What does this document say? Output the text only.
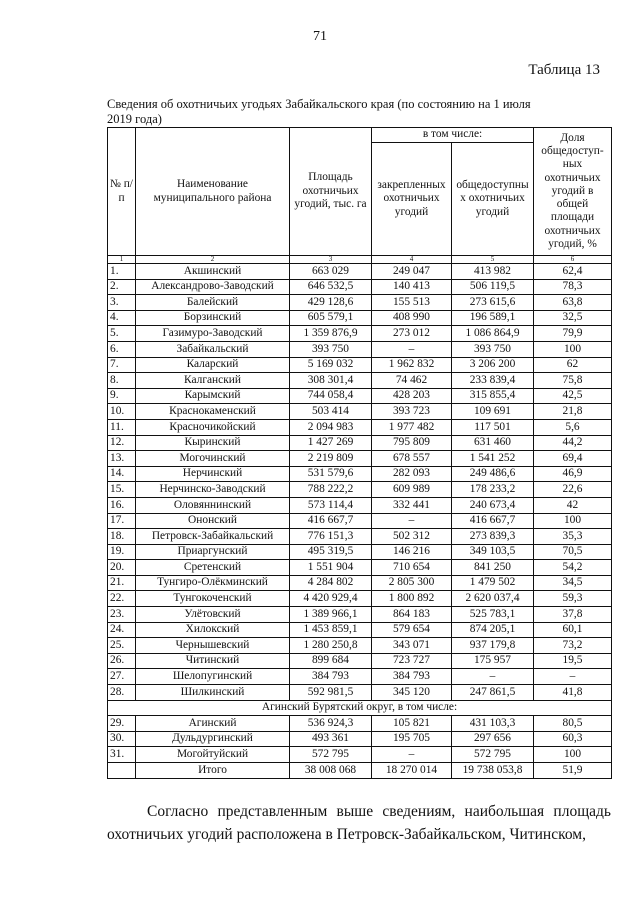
71
Таблица 13
Сведения об охотничьих угодьях Забайкальского края (по состоянию на 1 июля
2019 года)
№ п/п	Наименование муниципального района	Площадь охотничьих угодий, тыс. га	в том числе:		Доля общедоступ-ных охотничьих угодий в общей площади охотничьих угодий, %
			закрепленных охотничьих угодий	общедоступны х охотничьих угодий	
1	2	3	4	5	6
1.	Акшинский	663 029	249 047	413 982	62,4
2.	Александрово-Заводский	646 532,5	140 413	506 119,5	78,3
3.	Балейский	429 128,6	155 513	273 615,6	63,8
4.	Борзинский	605 579,1	408 990	196 589,1	32,5
5.	Газимуро-Заводский	1 359 876,9	273 012	1 086 864,9	79,9
6.	Забайкальский	393 750	–	393 750	100
7.	Каларский	5 169 032	1 962 832	3 206 200	62
8.	Калганский	308 301,4	74 462	233 839,4	75,8
9.	Карымский	744 058,4	428 203	315 855,4	42,5
10.	Краснокаменский	503 414	393 723	109 691	21,8
11.	Красночикойский	2 094 983	1 977 482	117 501	5,6
12.	Кыринский	1 427 269	795 809	631 460	44,2
13.	Могочинский	2 219 809	678 557	1 541 252	69,4
14.	Нерчинский	531 579,6	282 093	249 486,6	46,9
15.	Нерчинско-Заводский	788 222,2	609 989	178 233,2	22,6
16.	Оловяннинский	573 114,4	332 441	240 673,4	42
17.	Ононский	416 667,7	–	416 667,7	100
18.	Петровск-Забайкальский	776 151,3	502 312	273 839,3	35,3
19.	Приаргунский	495 319,5	146 216	349 103,5	70,5
20.	Сретенский	1 551 904	710 654	841 250	54,2
21.	Тунгиро-Олёкминский	4 284 802	2 805 300	1 479 502	34,5
22.	Тунгокоченский	4 420 929,4	1 800 892	2 620 037,4	59,3
23.	Улётовский	1 389 966,1	864 183	525 783,1	37,8
24.	Хилокский	1 453 859,1	579 654	874 205,1	60,1
25.	Чернышевский	1 280 250,8	343 071	937 179,8	73,2
26.	Читинский	899 684	723 727	175 957	19,5
27.	Шелопугинский	384 793	384 793	–	–
28.	Шилкинский	592 981,5	345 120	247 861,5	41,8
Агинский Бурятский округ, в том числе:					
29.	Агинский	536 924,3	105 821	431 103,3	80,5
30.	Дульдургинский	493 361	195 705	297 656	60,3
31.	Могойтуйский	572 795	–	572 795	100
	Итого	38 008 068	18 270 014	19 738 053,8	51,9
Согласно представленным выше сведениям, наибольшая площадь охотничьих угодий расположена в Петровск-Забайкальском, Читинском,
